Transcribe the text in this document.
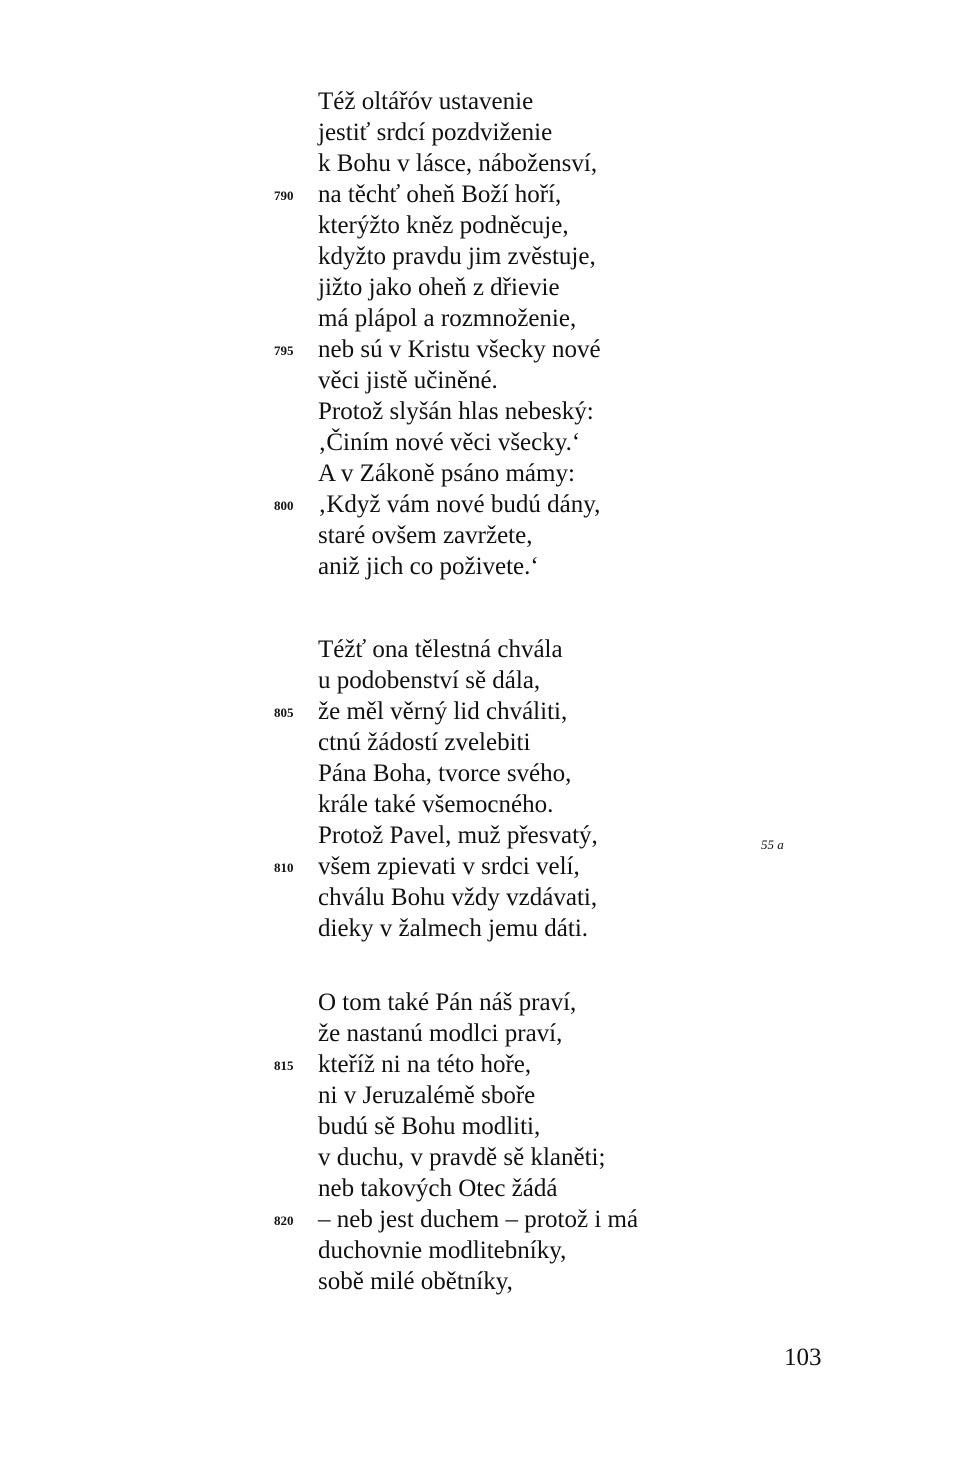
Též oltářóv ustavenie
jestiť srdcí pozdviženie
k Bohu v lásce, nábožensví,
790 na těchť oheň Boží hoří,
kterýžto kněz podněcuje,
kdyžto pravdu jim zvěstuje,
jižto jako oheň z dřievie
má plápol a rozmnoženie,
795 neb sú v Kristu všecky nové
věci jistě učiněné.
Protož slyšán hlas nebeský:
‚Činím nové věci všecky.‘
A v Zákoně psáno mámy:
800 ‚Když vám nové budú dány,
staré ovšem zavržete,
aniž jich co poživete.‘
Téžť ona tělestná chvála
u podobenství sě dála,
805 že měl věrný lid chváliti,
ctnú žádostí zvelebiti
Pána Boha, tvorce svého,
krále také všemocného.
Protož Pavel, muž přesvatý,
810 všem zpievati v srdci velí,
chválu Bohu vždy vzdávati,
dieky v žalmech jemu dáti.
O tom také Pán náš praví,
že nastanú modlci praví,
815 kteříž ni na této hoře,
ni v Jeruzalémě sboře
budú sě Bohu modliti,
v duchu, v pravdě sě klaněti;
neb takových Otec žádá
820 – neb jest duchem – protož i má
duchovnie modlitebníky,
sobě milé obětníky,
55 a
103
